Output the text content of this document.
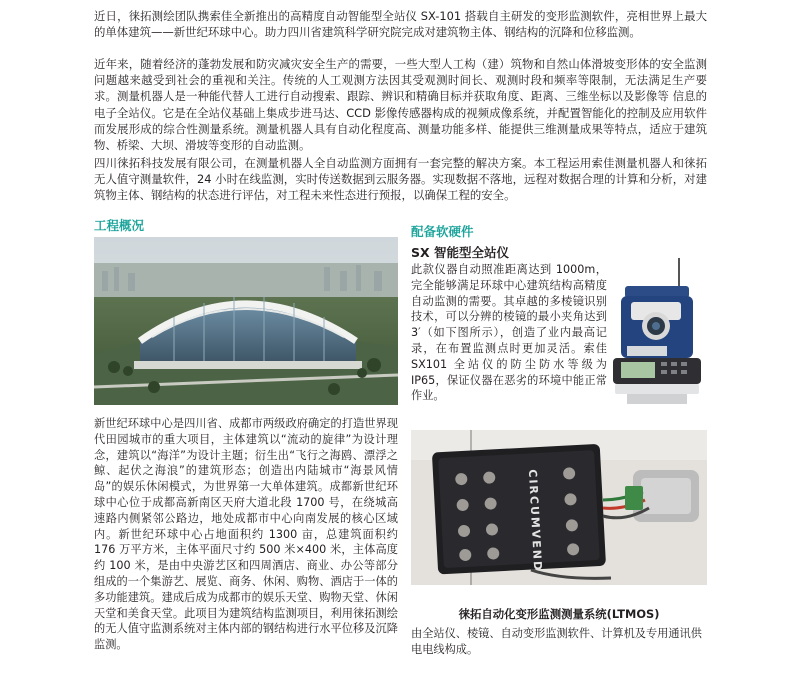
近日，徕拓测绘团队携索佳全新推出的高精度自动智能型全站仪 SX-101 搭载自主研发的变形监测软件，亮相世界上最大的单体建筑——新世纪环球中心。助力四川省建筑科学研究院完成对建筑物主体、钢结构的沉降和位移监测。

近年来，随着经济的蓬勃发展和防灾减灾安全生产的需要，一些大型人工构（建）筑物和自然山体滑坡变形体的安全监测问题越来越受到社会的重视和关注。传统的人工观测方法因其受观测时间长、观测时段和频率等限制，无法满足生产要求。测量机器人是一种能代替人工进行自动搜索、跟踪、辨识和精确目标并获取角度、距离、三维坐标以及影像等 信息的电子全站仪。它是在全站仪基础上集成步进马达、CCD 影像传感器构成的视频成像系统，并配置智能化的控制及应用软件而发展形成的综合性测量系统。测量机器人具有自动化程度高、测量功能多样、能提供三维测量成果等特点，适应于建筑物、桥梁、大坝、滑坡等变形的自动监测。

四川徕拓科技发展有限公司，在测量机器人全自动监测方面拥有一套完整的解决方案。本工程运用索佳测量机器人和徕拓无人值守测量软件，24 小时在线监测，实时传送数据到云服务器。实现数据不落地，远程对数据合理的计算和分析，对建筑物主体、钢结构的状态进行评估，对工程未来性态进行预报，以确保工程的安全。

工程概况

新世纪环球中心是四川省、成都市两级政府确定的打造世界现代田园城市的重大项目，主体建筑以“流动的旋律”为设计理念，建筑以“海洋”为设计主题；衍生出“飞行之海鸥、漂浮之鲸、起伏之海浪”的建筑形态；创造出内陆城市“海景风情岛”的娱乐休闲模式，为世界第一大单体建筑。成都新世纪环球中心位于成都高新南区天府大道北段 1700 号，在绕城高速路内侧紧邻公路边，地处成都市中心向南发展的核心区域内。新世纪环球中心占地面积约 1300 亩，总建筑面积约 176 万平方米，主体平面尺寸约 500 米×400 米，主体高度约 100 米，是由中央游艺区和四周酒店、商业、办公等部分组成的一个集游艺、展览、商务、休闲、购物、酒店于一体的多功能建筑。建成后成为成都市的娱乐天堂、购物天堂、休闲天堂和美食天堂。此项目为建筑结构监测项目，利用徕拓测绘的无人值守监测系统对主体内部的钢结构进行水平位移及沉降监测。

配备软硬件
SX 智能型全站仪

此款仪器自动照准距离达到 1000m，完全能够满足环球中心建筑结构高精度自动监测的需要。其卓越的多棱镜识别技术，可以分辨的棱镜的最小夹角达到 3′（如下图所示），创造了业内最高记录，在布置监测点时更加灵活。索佳 SX101 全站仪的防尘防水等级为 IP65，保证仪器在恶劣的环境中能正常作业。

CIRCUMVEND

徕拓自动化变形监测测量系统(LTMOS)

由全站仪、棱镜、自动变形监测软件、计算机及专用通讯供电电线构成。
